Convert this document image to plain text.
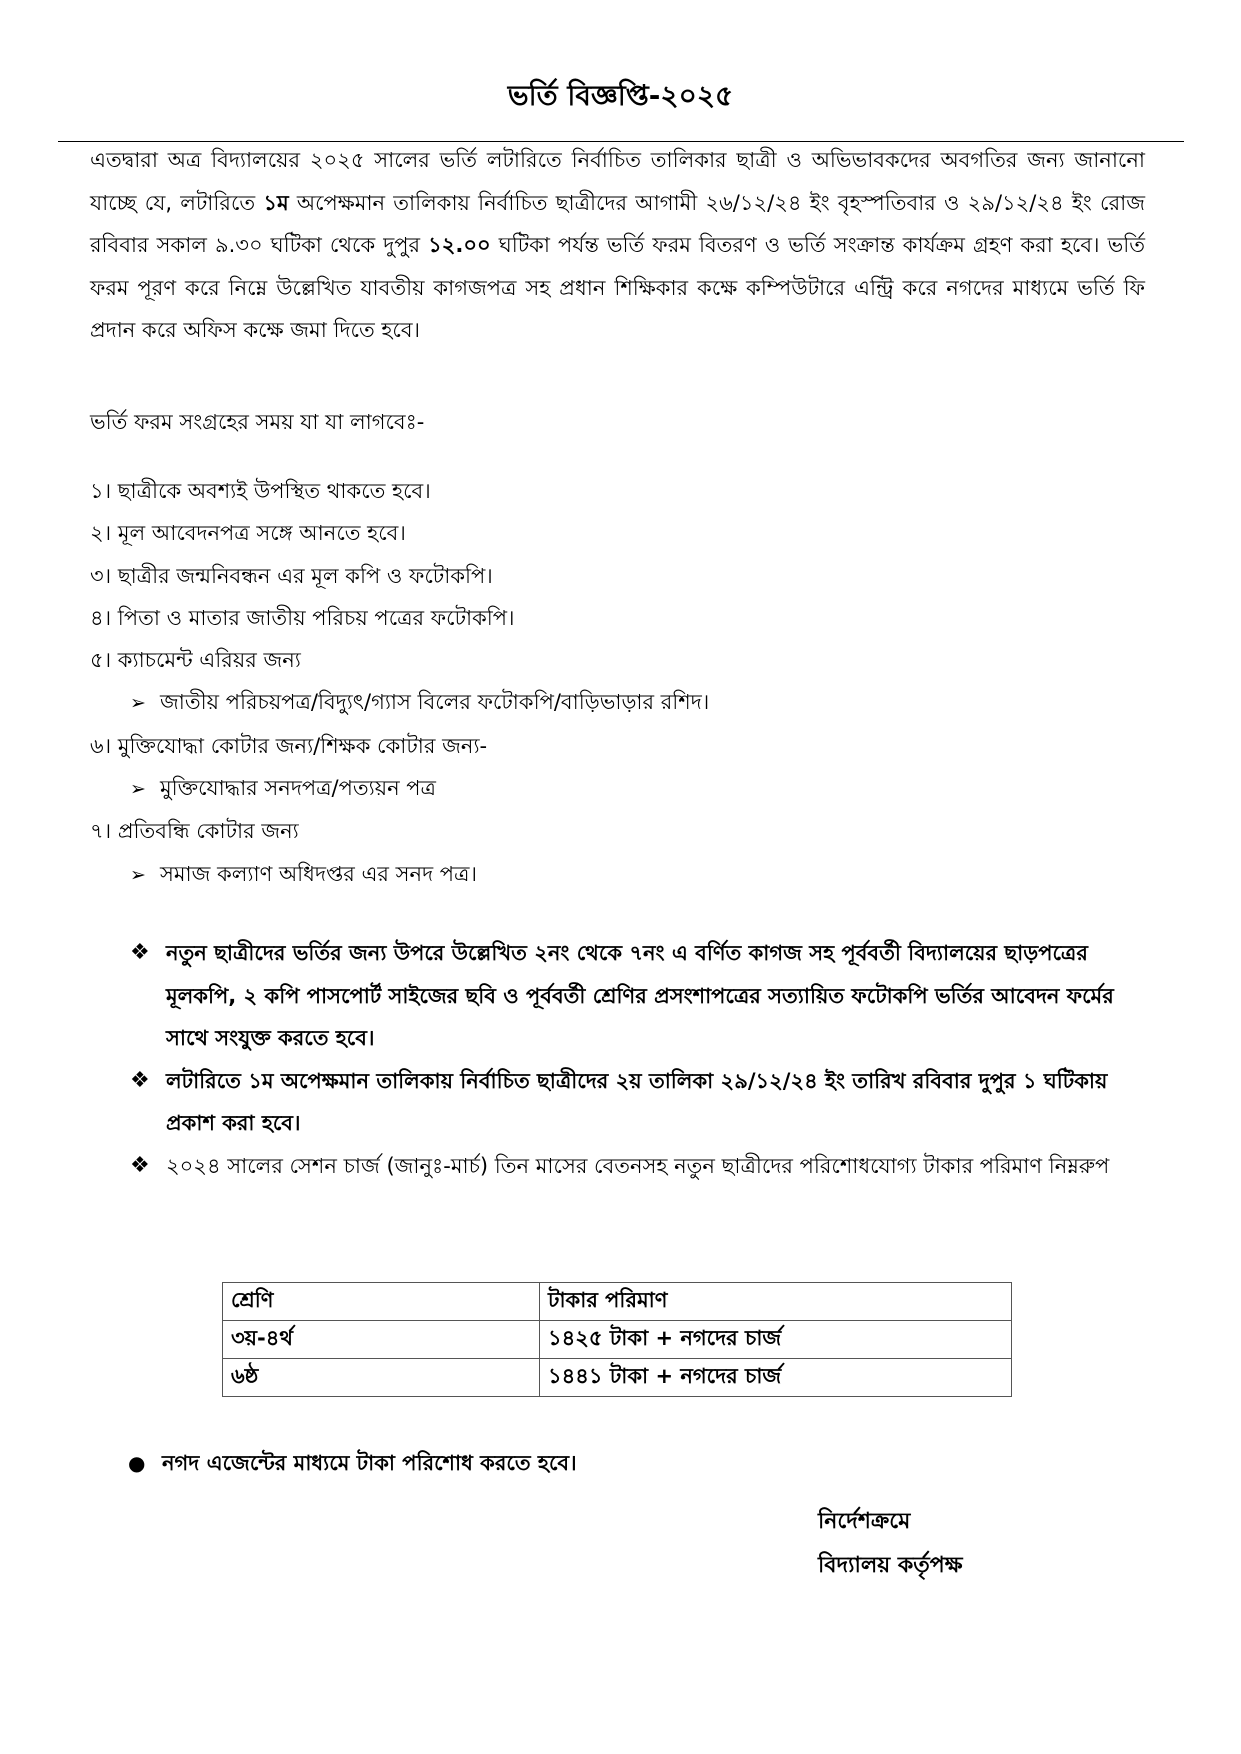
ভর্তি বিজ্ঞপ্তি-২০২৫
এতদ্বারা অত্র বিদ্যালয়ের ২০২৫ সালের ভর্তি লটারিতে নির্বাচিত তালিকার ছাত্রী ও অভিভাবকদের অবগতির জন্য জানানো যাচ্ছে যে, লটারিতে ১ম অপেক্ষমান তালিকায় নির্বাচিত ছাত্রীদের আগামী ২৬/১২/২৪ ইং বৃহস্পতিবার ও ২৯/১২/২৪ ইং রোজ রবিবার সকাল ৯.৩০ ঘটিকা থেকে দুপুর ১২.০০ ঘটিকা পর্যন্ত ভর্তি ফরম বিতরণ ও ভর্তি সংক্রান্ত কার্যক্রম গ্রহণ করা হবে। ভর্তি ফরম পূরণ করে নিম্নে উল্লেখিত যাবতীয় কাগজপত্র সহ প্রধান শিক্ষিকার কক্ষে কম্পিউটারে এন্ট্রি করে নগদের মাধ্যমে ভর্তি ফি প্রদান করে অফিস কক্ষে জমা দিতে হবে।
ভর্তি ফরম সংগ্রহের সময় যা যা লাগবেঃ-
১। ছাত্রীকে অবশ্যই উপস্থিত থাকতে হবে।
২। মূল আবেদনপত্র সঙ্গে আনতে হবে।
৩। ছাত্রীর জন্মনিবন্ধন এর মূল কপি ও ফটোকপি।
৪। পিতা ও মাতার জাতীয় পরিচয় পত্রের ফটোকপি।
৫। ক্যাচমেন্ট এরিয়র জন্য
➢ জাতীয় পরিচয়পত্র/বিদ্যুৎ/গ্যাস বিলের ফটোকপি/বাড়িভাড়ার রশিদ।
৬। মুক্তিযোদ্ধা কোটার জন্য/শিক্ষক কোটার জন্য-
➢ মুক্তিযোদ্ধার সনদপত্র/পত্যয়ন পত্র
৭। প্রতিবন্ধি কোটার জন্য
➢ সমাজ কল্যাণ অধিদপ্তর এর সনদ পত্র।
❖ নতুন ছাত্রীদের ভর্তির জন্য উপরে উল্লেখিত ২নং থেকে ৭নং এ বর্ণিত কাগজ সহ পূর্ববর্তী বিদ্যালয়ের ছাড়পত্রের মূলকপি, ২ কপি পাসপোর্ট সাইজের ছবি ও পূর্ববর্তী শ্রেণির প্রসংশাপত্রের সত্যায়িত ফটোকপি ভর্তির আবেদন ফর্মের সাথে সংযুক্ত করতে হবে।
❖ লটারিতে ১ম অপেক্ষমান তালিকায় নির্বাচিত ছাত্রীদের ২য় তালিকা ২৯/১২/২৪ ইং তারিখ রবিবার দুপুর ১ ঘটিকায় প্রকাশ করা হবে।
❖ ২০২৪ সালের সেশন চার্জ (জানুঃ-মার্চ) তিন মাসের বেতনসহ নতুন ছাত্রীদের পরিশোধযোগ্য টাকার পরিমাণ নিম্নরুপ
শ্রেণি	টাকার পরিমাণ
৩য়-৪র্থ	১৪২৫ টাকা + নগদের চার্জ
৬ষ্ঠ	১৪৪১ টাকা + নগদের চার্জ
● নগদ এজেন্টের মাধ্যমে টাকা পরিশোধ করতে হবে।
নির্দেশক্রমে
বিদ্যালয় কর্তৃপক্ষ
